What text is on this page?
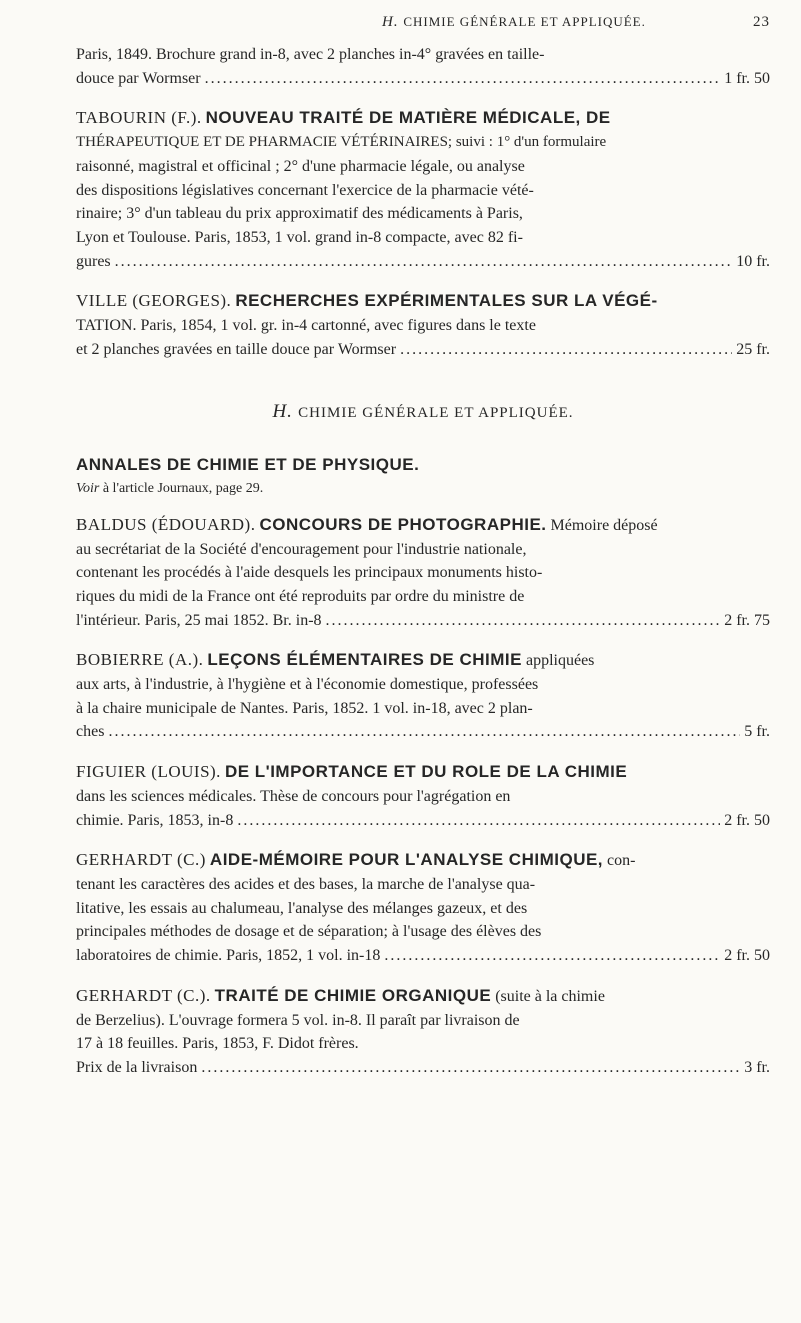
H. CHIMIE GÉNÉRALE ET APPLIQUÉE.	23
Paris, 1849. Brochure grand in-8, avec 2 planches in-4° gravées en taille-
douce par Wormser .....	1 fr. 50
TABOURIN (F.). NOUVEAU TRAITÉ DE MATIÈRE MÉDICALE, DE
THÉRAPEUTIQUE ET DE PHARMACIE VÉTÉRINAIRES; suivi : 1° d'un formulaire
raisonné, magistral et officinal ; 2° d'une pharmacie légale, ou analyse
des dispositions législatives concernant l'exercice de la pharmacie vété-
rinaire; 3° d'un tableau du prix approximatif des médicaments à Paris,
Lyon et Toulouse. Paris, 1853, 1 vol. grand in-8 compacte, avec 82 fi-
gures .....	10 fr.
VILLE (GEORGES). RECHERCHES EXPÉRIMENTALES SUR LA VÉGÉ-
TATION. Paris, 1854, 1 vol. gr. in-4 cartonné, avec figures dans le texte
et 2 planches gravées en taille douce par Wormser .....	25 fr.
H. CHIMIE GÉNÉRALE ET APPLIQUÉE.
ANNALES DE CHIMIE ET DE PHYSIQUE.
Voir à l'article Journaux, page 29.
BALDUS (ÉDOUARD). CONCOURS DE PHOTOGRAPHIE. Mémoire déposé
au secrétariat de la Société d'encouragement pour l'industrie nationale,
contenant les procédés à l'aide desquels les principaux monuments histo-
riques du midi de la France ont été reproduits par ordre du ministre de
l'intérieur. Paris, 25 mai 1852. Br. in-8 .....	2 fr. 75
BOBIERRE (A.). LEÇONS ÉLÉMENTAIRES DE CHIMIE appliquées
aux arts, à l'industrie, à l'hygiène et à l'économie domestique, professées
à la chaire municipale de Nantes. Paris, 1852. 1 vol. in-18, avec 2 plan-
ches .....	5 fr.
FIGUIER (LOUIS). DE L'IMPORTANCE ET DU ROLE DE LA CHIMIE
dans les sciences médicales. Thèse de concours pour l'agrégation en
chimie. Paris, 1853, in-8 .....	2 fr. 50
GERHARDT (C.) AIDE-MÉMOIRE POUR L'ANALYSE CHIMIQUE, con-
tenant les caractères des acides et des bases, la marche de l'analyse qua-
litative, les essais au chalumeau, l'analyse des mélanges gazeux, et des
principales méthodes de dosage et de séparation; à l'usage des élèves des
laboratoires de chimie. Paris, 1852, 1 vol. in-18 .....	2 fr. 50
GERHARDT (C.). TRAITÉ DE CHIMIE ORGANIQUE (suite à la chimie
de Berzelius). L'ouvrage formera 5 vol. in-8. Il paraît par livraison de
17 à 18 feuilles. Paris, 1853, F. Didot frères.
Prix de la livraison .....	3 fr.
